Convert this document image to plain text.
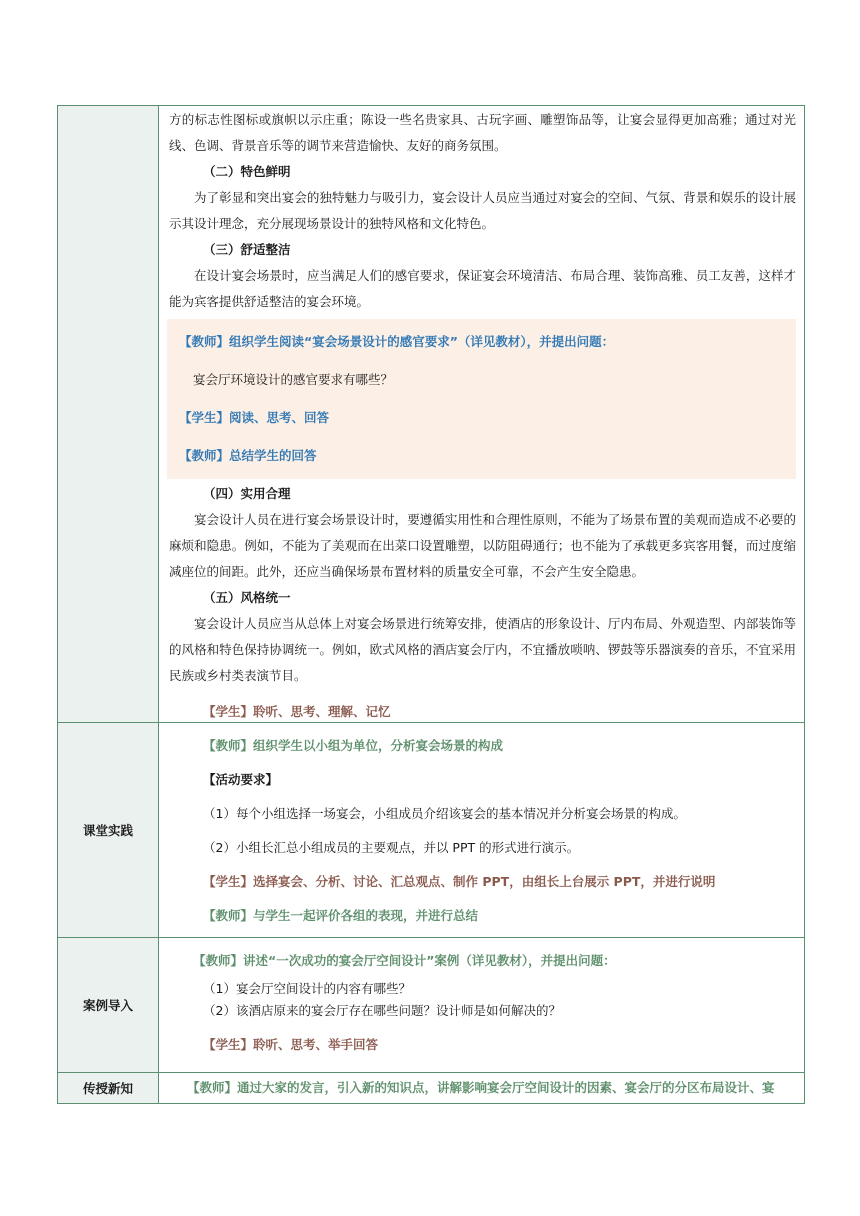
方的标志性图标或旗帜以示庄重；陈设一些名贵家具、古玩字画、雕塑饰品等，让宴会显得更加高雅；通过对光线、色调、背景音乐等的调节来营造愉快、友好的商务氛围。

（二）特色鲜明

为了彰显和突出宴会的独特魅力与吸引力，宴会设计人员应当通过对宴会的空间、气氛、背景和娱乐的设计展示其设计理念，充分展现场景设计的独特风格和文化特色。

（三）舒适整洁

在设计宴会场景时，应当满足人们的感官要求，保证宴会环境清洁、布局合理、装饰高雅、员工友善，这样才能为宾客提供舒适整洁的宴会环境。

【教师】组织学生阅读“宴会场景设计的感官要求”（详见教材），并提出问题：

宴会厅环境设计的感官要求有哪些？

【学生】阅读、思考、回答

【教师】总结学生的回答

（四）实用合理

宴会设计人员在进行宴会场景设计时，要遵循实用性和合理性原则，不能为了场景布置的美观而造成不必要的麻烦和隐患。例如，不能为了美观而在出菜口设置雕塑，以防阻碍通行；也不能为了承载更多宾客用餐，而过度缩减座位的间距。此外，还应当确保场景布置材料的质量安全可靠，不会产生安全隐患。

（五）风格统一

宴会设计人员应当从总体上对宴会场景进行统筹安排，使酒店的形象设计、厅内布局、外观造型、内部装饰等的风格和特色保持协调统一。例如，欧式风格的酒店宴会厅内，不宜播放唢呐、锣鼓等乐器演奏的音乐，不宜采用民族或乡村类表演节目。

【学生】聆听、思考、理解、记忆

课堂实践

【教师】组织学生以小组为单位，分析宴会场景的构成

【活动要求】

（1）每个小组选择一场宴会，小组成员介绍该宴会的基本情况并分析宴会场景的构成。

（2）小组长汇总小组成员的主要观点，并以 PPT 的形式进行演示。

【学生】选择宴会、分析、讨论、汇总观点、制作 PPT，由组长上台展示 PPT，并进行说明

【教师】与学生一起评价各组的表现，并进行总结

案例导入

【教师】讲述“一次成功的宴会厅空间设计”案例（详见教材），并提出问题：

（1）宴会厅空间设计的内容有哪些？

（2）该酒店原来的宴会厅存在哪些问题？设计师是如何解决的？

【学生】聆听、思考、举手回答

传授新知	【教师】通过大家的发言，引入新的知识点，讲解影响宴会厅空间设计的因素、宴会厅的分区布局设计、宴
